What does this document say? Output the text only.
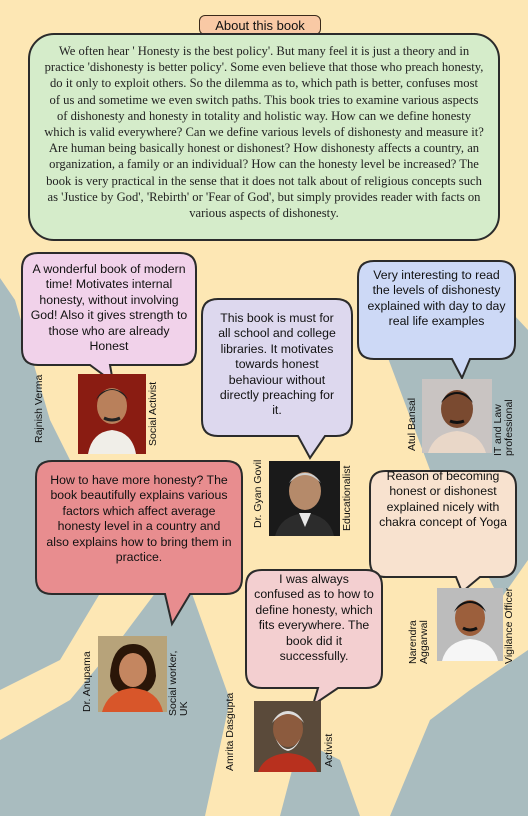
About this book
We often hear ' Honesty is the best policy'. But many feel it is just a theory and in practice 'dishonesty is better policy'. Some even believe that those who preach honesty, do it only to exploit others. So the dilemma as to, which path is better, confuses most of us and sometime we even switch paths. This book tries to examine various aspects of dishonesty and honesty in totality and holistic way. How can we define honesty which is valid everywhere? Can we define various levels of dishonesty and measure it? Are human being basically honest or dishonest? How dishonesty affects a country, an organization, a family or an individual? How can the honesty level be increased? The book is very practical in the sense that it does not talk about of religious concepts such as 'Justice by God', 'Rebirth' or 'Fear of God', but simply provides reader with facts on various aspects of dishonesty.
A wonderful book of modern time! Motivates internal honesty, without involving God! Also it gives strength to those who are already Honest
This book is must for all school and college libraries. It motivates towards honest behaviour without directly preaching for it.
Very interesting to read the levels of dishonesty explained with day to day real life examples
How to have more honesty? The book beautifully explains various factors which affect average honesty level in a country and also explains how to bring them in practice.
Reason of becoming honest or dishonest explained nicely with chakra concept of Yoga
I was always confused as to how to define honesty, which fits everywhere. The book did it successfully.
Rajnish Verma	Social Activist
Dr. Gyan Govil	Educationalist
Atul Bansal	IT and Law professional
Dr. Anupama	Social worker, UK
Narendra Aggarwal	Vigilance Officer
Amrita Dasgupta	Activist
